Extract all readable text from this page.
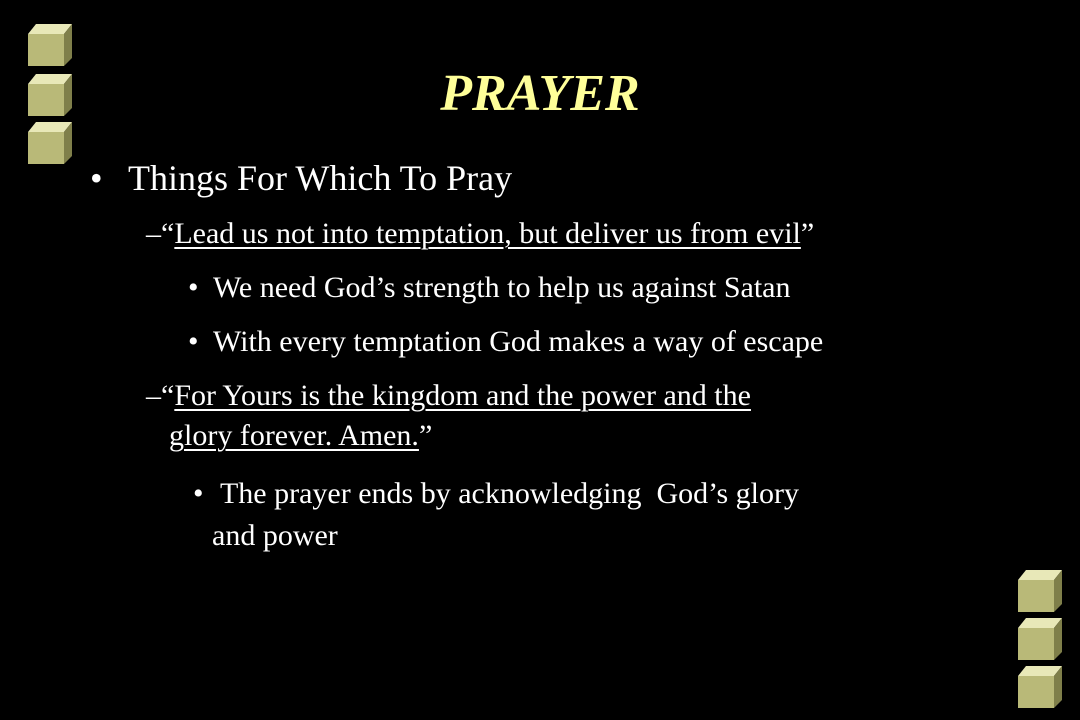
PRAYER
• Things For Which To Pray
–“Lead us not into temptation, but deliver us from evil”
• We need God’s strength to help us against Satan
• With every temptation God makes a way of escape
–“For Yours is the kingdom and the power and the
glory forever. Amen.”
• The prayer ends by acknowledging  God’s glory
and power
